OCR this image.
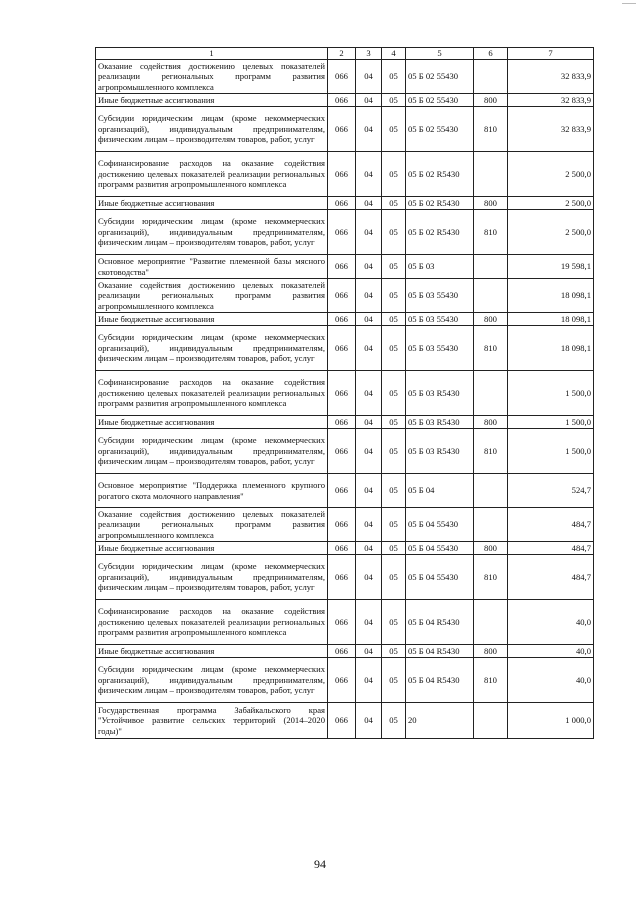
1	2	3	4	5	6	7
Оказание содействия достижению целевых показателей реализации региональных программ развития агропромышленного комплекса	066	04	05	05 Б 02 55430		32 833,9
Иные бюджетные ассигнования	066	04	05	05 Б 02 55430	800	32 833,9
Субсидии юридическим лицам (кроме некоммерческих организаций), индивидуальным предпринимателям, физическим лицам – производителям товаров, работ, услуг	066	04	05	05 Б 02 55430	810	32 833,9
Софинансирование расходов на оказание содействия достижению целевых показателей реализации региональных программ развития агропромышленного комплекса	066	04	05	05 Б 02 R5430		2 500,0
Иные бюджетные ассигнования	066	04	05	05 Б 02 R5430	800	2 500,0
Субсидии юридическим лицам (кроме некоммерческих организаций), индивидуальным предпринимателям, физическим лицам – производителям товаров, работ, услуг	066	04	05	05 Б 02 R5430	810	2 500,0
Основное мероприятие "Развитие племенной базы мясного скотоводства"	066	04	05	05 Б 03		19 598,1
Оказание содействия достижению целевых показателей реализации региональных программ развития агропромышленного комплекса	066	04	05	05 Б 03 55430		18 098,1
Иные бюджетные ассигнования	066	04	05	05 Б 03 55430	800	18 098,1
Субсидии юридическим лицам (кроме некоммерческих организаций), индивидуальным предпринимателям, физическим лицам – производителям товаров, работ, услуг	066	04	05	05 Б 03 55430	810	18 098,1
Софинансирование расходов на оказание содействия достижению целевых показателей реализации региональных программ развития агропромышленного комплекса	066	04	05	05 Б 03 R5430		1 500,0
Иные бюджетные ассигнования	066	04	05	05 Б 03 R5430	800	1 500,0
Субсидии юридическим лицам (кроме некоммерческих организаций), индивидуальным предпринимателям, физическим лицам – производителям товаров, работ, услуг	066	04	05	05 Б 03 R5430	810	1 500,0
Основное мероприятие "Поддержка племенного крупного рогатого скота молочного направления"	066	04	05	05 Б 04		524,7
Оказание содействия достижению целевых показателей реализации региональных программ развития агропромышленного комплекса	066	04	05	05 Б 04 55430		484,7
Иные бюджетные ассигнования	066	04	05	05 Б 04 55430	800	484,7
Субсидии юридическим лицам (кроме некоммерческих организаций), индивидуальным предпринимателям, физическим лицам – производителям товаров, работ, услуг	066	04	05	05 Б 04 55430	810	484,7
Софинансирование расходов на оказание содействия достижению целевых показателей реализации региональных программ развития агропромышленного комплекса	066	04	05	05 Б 04 R5430		40,0
Иные бюджетные ассигнования	066	04	05	05 Б 04 R5430	800	40,0
Субсидии юридическим лицам (кроме некоммерческих организаций), индивидуальным предпринимателям, физическим лицам – производителям товаров, работ, услуг	066	04	05	05 Б 04 R5430	810	40,0
Государственная программа Забайкальского края "Устойчивое развитие сельских территорий (2014–2020 годы)"	066	04	05	20		1 000,0
94
